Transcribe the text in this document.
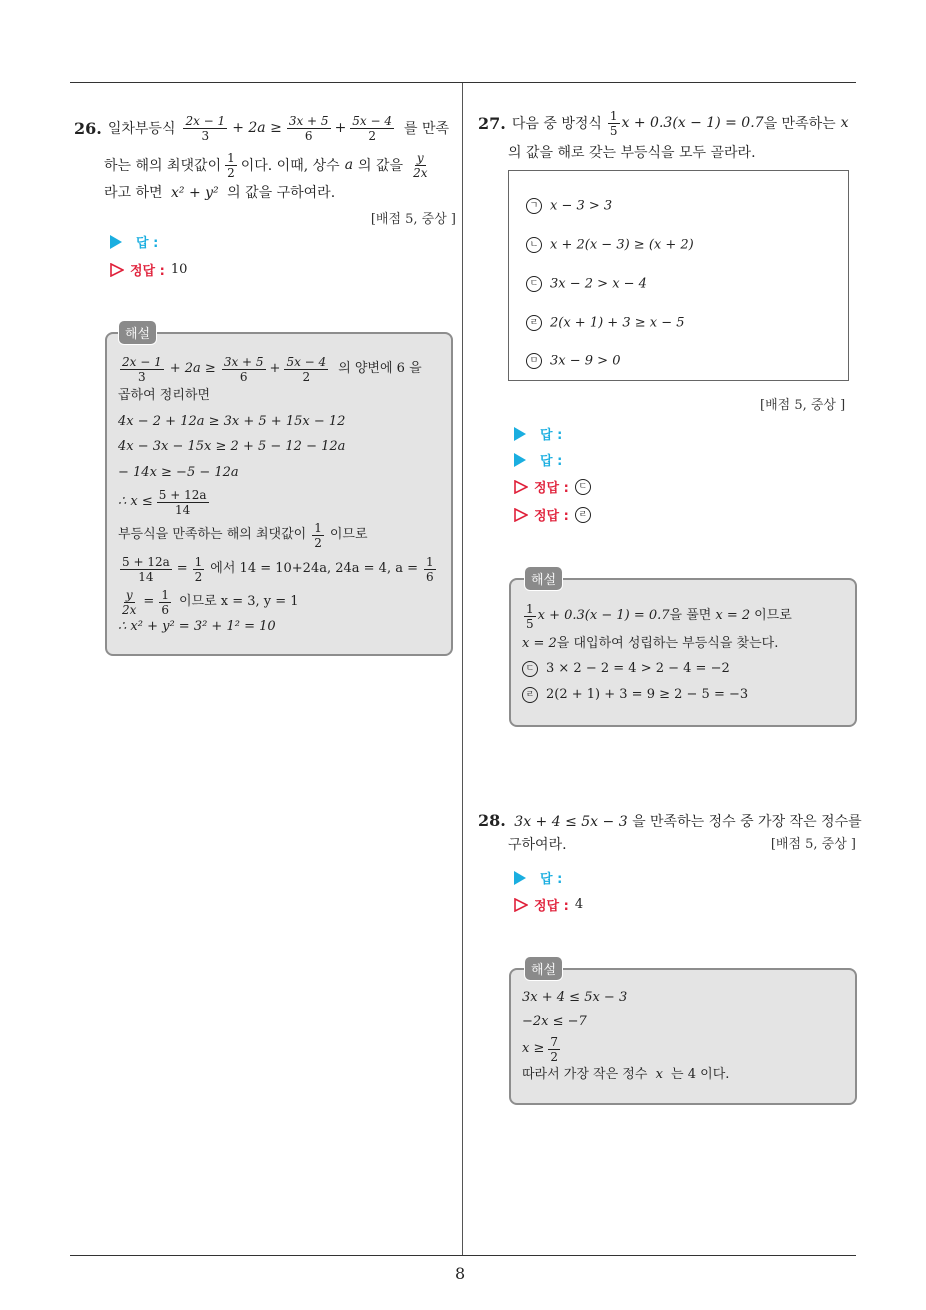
8
26. 일차부등식 $\frac{2x - 1}{3} + 2a \ge \frac{3x + 5}{6} + \frac{5x - 4}{2}$ 를 만족
하는 해의 최댓값이 $\frac{1}{2}$ 이다. 이때, 상수 a 의 값을 $\frac{y}{2x}$
라고 하면 x² + y² 의 값을 구하여라.
[배점 5, 중상 ]
답 :
정답 : 10
해설
$\frac{2x - 1}{3} + 2a \ge \frac{3x + 5}{6} + \frac{5x - 4}{2}$ 의 양변에 6 을
곱하여 정리하면
4x − 2 + 12a ≥ 3x + 5 + 15x − 12
4x − 3x − 15x ≥ 2 + 5 − 12 − 12a
− 14x ≥ −5 − 12a
∴ $x \le \frac{5 + 12a}{14}$
부등식을 만족하는 해의 최댓값이 $\frac{1}{2}$ 이므로
$\frac{5 + 12a}{14} = \frac{1}{2}$ 에서 14 = 10+24a, 24a = 4, $a = \frac{1}{6}$
$\frac{y}{2x} = \frac{1}{6}$ 이므로 x = 3, y = 1
∴ x² + y² = 3² + 1² = 10
27. 다음 중 방정식 $\frac{1}{5}$ x + 0.3(x − 1) = 0.7 을 만족하는 x
의 값을 해로 갖는 부등식을 모두 골라라.
ㄱ x − 3 > 3
ㄴ x + 2(x − 3) ≥ (x + 2)
ㄷ 3x − 2 > x − 4
ㄹ 2(x + 1) + 3 ≥ x − 5
ㅁ 3x − 9 > 0
[배점 5, 중상 ]
답 :
답 :
정답 :	ㄷ
정답 :	ㄹ
해설
$\frac{1}{5}$ x + 0.3(x − 1) = 0.7 을 풀면 x = 2 이므로
x = 2을 대입하여 성립하는 부등식을 찾는다.
ㄷ 3 × 2 − 2 = 4 > 2 − 4 = −2
ㄹ 2(2 + 1) + 3 = 9 ≥ 2 − 5 = −3
28. 3x + 4 ≤ 5x − 3 을 만족하는 정수 중 가장 작은 정수를
구하여라.	[배점 5, 중상 ]
답 :
정답 : 4
해설
3x + 4 ≤ 5x − 3
−2x ≤ −7
$x \ge \frac{7}{2}$
따라서 가장 작은 정수 x 는 4 이다.
